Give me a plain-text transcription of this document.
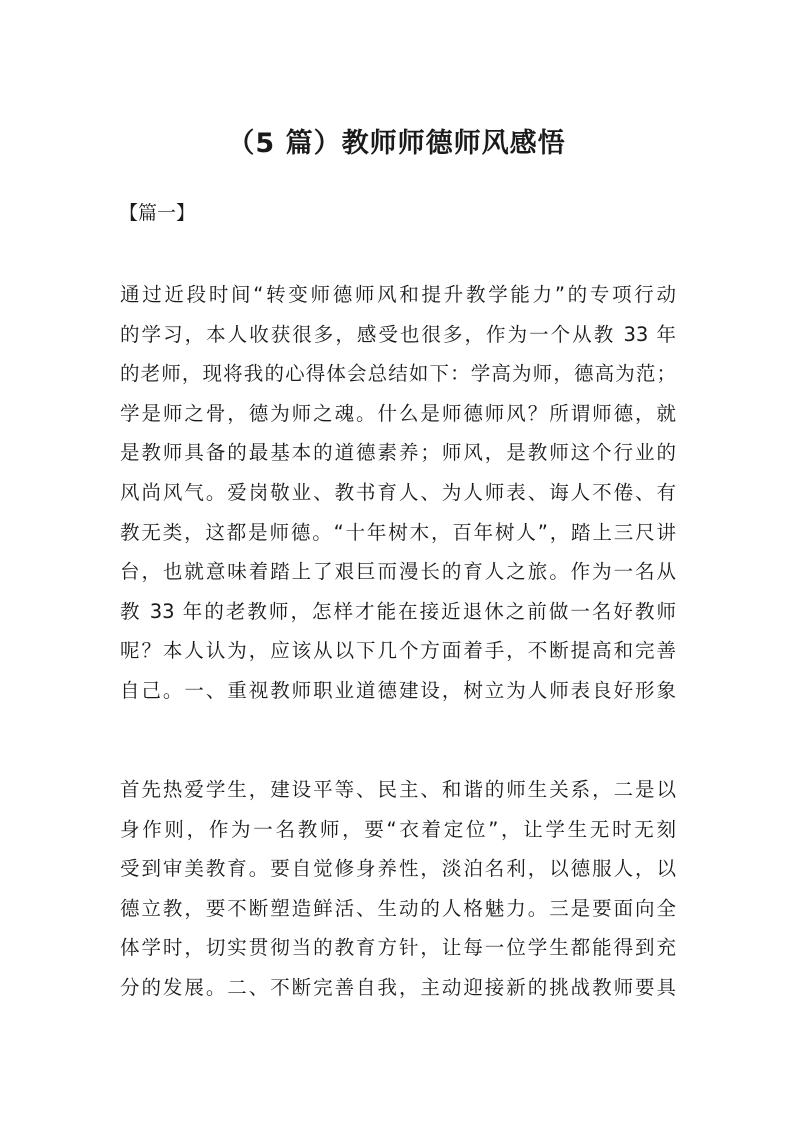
（5 篇）教师师德师风感悟

【篇一】

通过近段时间“转变师德师风和提升教学能力”的专项行动
的学习，本人收获很多，感受也很多，作为一个从教 33 年
的老师，现将我的心得体会总结如下：学高为师，德高为范；
学是师之骨，德为师之魂。什么是师德师风？所谓师德，就
是教师具备的最基本的道德素养；师风，是教师这个行业的
风尚风气。爱岗敬业、教书育人、为人师表、诲人不倦、有
教无类，这都是师德。“十年树木，百年树人”，踏上三尺讲
台，也就意味着踏上了艰巨而漫长的育人之旅。作为一名从
教 33 年的老教师，怎样才能在接近退休之前做一名好教师
呢？本人认为，应该从以下几个方面着手，不断提高和完善
自己。一、重视教师职业道德建设，树立为人师表良好形象
首先热爱学生，建设平等、民主、和谐的师生关系，二是以
身作则，作为一名教师，要“衣着定位”，让学生无时无刻
受到审美教育。要自觉修身养性，淡泊名利，以德服人，以
德立教，要不断塑造鲜活、生动的人格魅力。三是要面向全
体学时，切实贯彻当的教育方针，让每一位学生都能得到充
分的发展。二、不断完善自我，主动迎接新的挑战教师要具
